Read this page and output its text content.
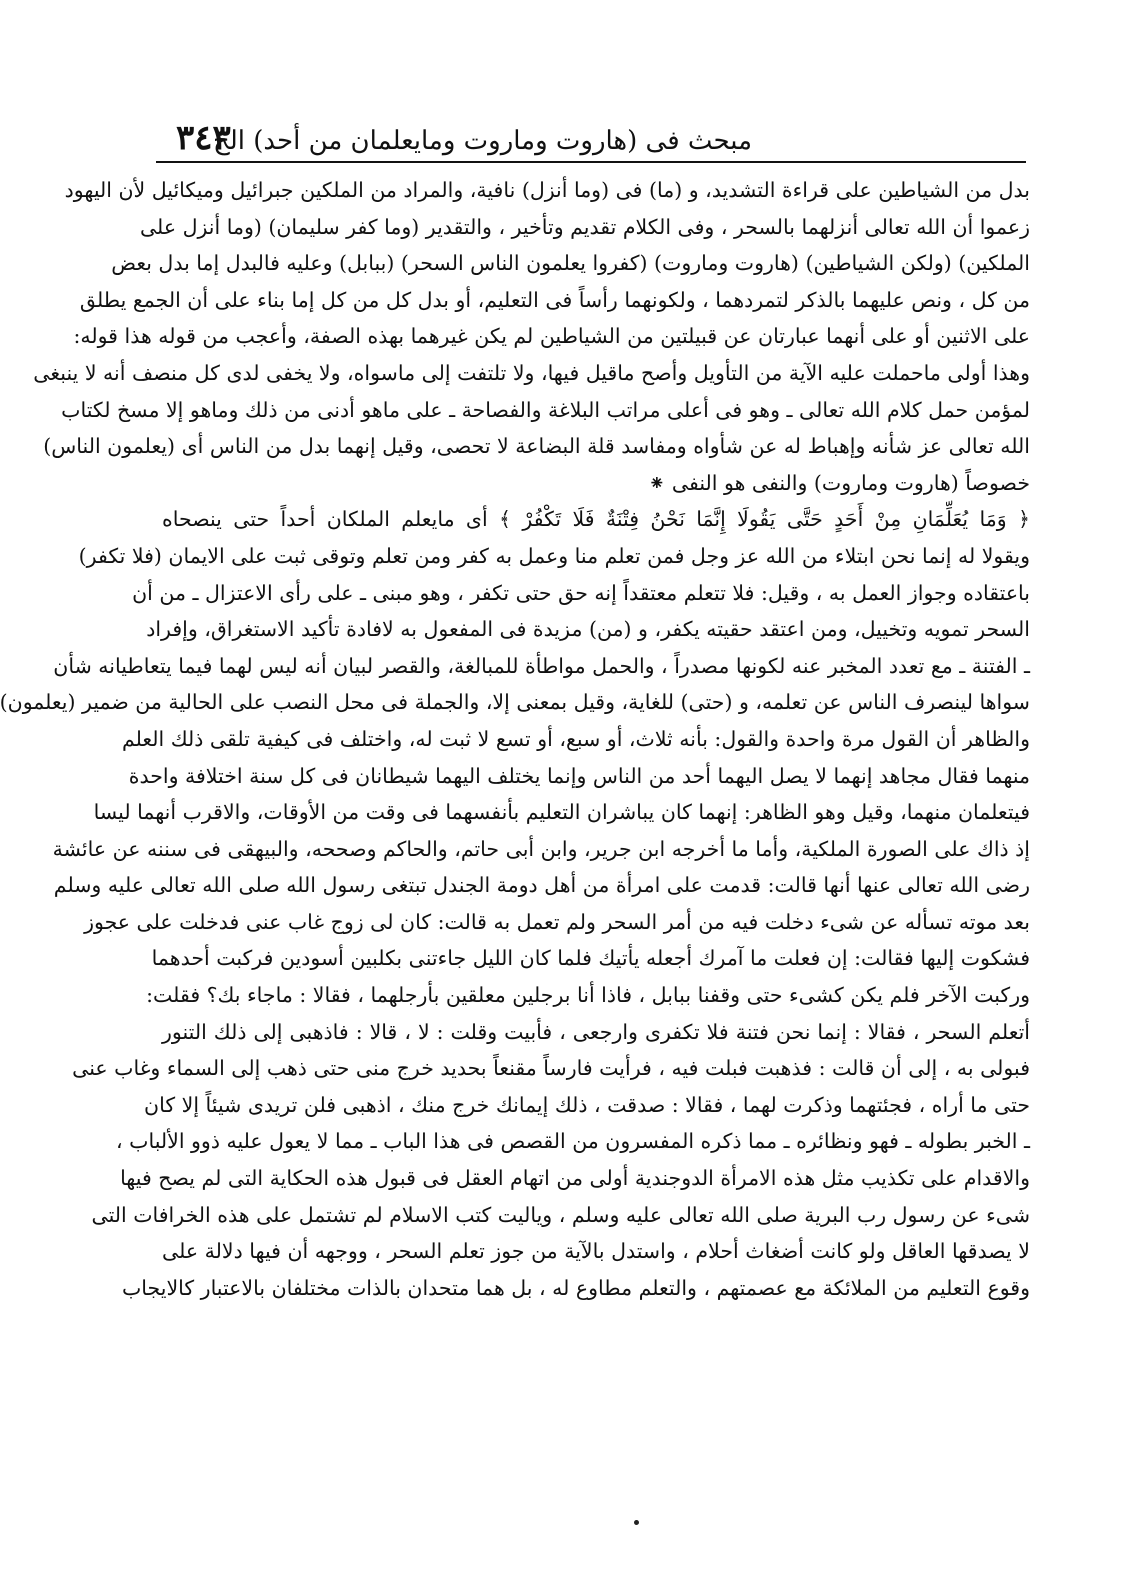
٣٤٣
مبحث فى (هاروت وماروت ومايعلمان من أحد) الخ
بدل من الشياطين على قراءة التشديد، و (ما) فى (وما أنزل) نافية، والمراد من الملكين جبرائيل وميكائيل لأن اليهود
زعموا أن الله تعالى أنزلهما بالسحر ، وفى الكلام تقديم وتأخير ، والتقدير (وما كفر سليمان) (وما أنزل على
الملكين) (ولكن الشياطين) (هاروت وماروت) (كفروا يعلمون الناس السحر) (ببابل) وعليه فالبدل إما بدل بعض
من كل ، ونص عليهما بالذكر لتمردهما ، ولكونهما رأساً فى التعليم، أو بدل كل من كل إما بناء على أن الجمع يطلق
على الاثنين أو على أنهما عبارتان عن قبيلتين من الشياطين لم يكن غيرهما بهذه الصفة، وأعجب من قوله هذا قوله:
وهذا أولى ماحملت عليه الآية من التأويل وأصح ماقيل فيها، ولا تلتفت إلى ماسواه، ولا يخفى لدى كل منصف أنه لا ينبغى
لمؤمن حمل كلام الله تعالى ـ وهو فى أعلى مراتب البلاغة والفصاحة ـ على ماهو أدنى من ذلك وماهو إلا مسخ لكتاب
الله تعالى عز شأنه وإهباط له عن شأواه ومفاسد قلة البضاعة لا تحصى، وقيل إنهما بدل من الناس أى (يعلمون الناس)
خصوصاً (هاروت وماروت) والنفى هو النفى ⁕
﴿ وَمَا يُعَلِّمَانِ مِنْ أَحَدٍ حَتَّى يَقُولَا إِنَّمَا نَحْنُ فِتْنَةٌ فَلَا تَكْفُرْ ﴾ أى مايعلم الملكان أحداً حتى ينصحاه
ويقولا له إنما نحن ابتلاء من الله عز وجل فمن تعلم منا وعمل به كفر ومن تعلم وتوقى ثبت على الايمان (فلا تكفر)
باعتقاده وجواز العمل به ، وقيل: فلا تتعلم معتقداً إنه حق حتى تكفر ، وهو مبنى ـ على رأى الاعتزال ـ من أن
السحر تمويه وتخييل، ومن اعتقد حقيته يكفر، و (من) مزيدة فى المفعول به لافادة تأكيد الاستغراق، وإفراد
ـ الفتنة ـ مع تعدد المخبر عنه لكونها مصدراً ، والحمل مواطأة للمبالغة، والقصر لبيان أنه ليس لهما فيما يتعاطيانه شأن
سواها لينصرف الناس عن تعلمه، و (حتى) للغاية، وقيل بمعنى إلا، والجملة فى محل النصب على الحالية من ضمير (يعلمون)
والظاهر أن القول مرة واحدة والقول: بأنه ثلاث، أو سبع، أو تسع لا ثبت له، واختلف فى كيفية تلقى ذلك العلم
منهما فقال مجاهد إنهما لا يصل اليهما أحد من الناس وإنما يختلف اليهما شيطانان فى كل سنة اختلافة واحدة
فيتعلمان منهما، وقيل وهو الظاهر: إنهما كان يباشران التعليم بأنفسهما فى وقت من الأوقات، والاقرب أنهما ليسا
إذ ذاك على الصورة الملكية، وأما ما أخرجه ابن جرير، وابن أبى حاتم، والحاكم وصححه، والبيهقى فى سننه عن عائشة
رضى الله تعالى عنها أنها قالت: قدمت على امرأة من أهل دومة الجندل تبتغى رسول الله صلى الله تعالى عليه وسلم
بعد موته تسأله عن شىء دخلت فيه من أمر السحر ولم تعمل به قالت: كان لى زوج غاب عنى فدخلت على عجوز
فشكوت إليها فقالت: إن فعلت ما آمرك أجعله يأتيك فلما كان الليل جاءتنى بكلبين أسودين فركبت أحدهما
وركبت الآخر فلم يكن كشىء حتى وقفنا ببابل ، فاذا أنا برجلين معلقين بأرجلهما ، فقالا : ماجاء بك؟ فقلت:
أتعلم السحر ، فقالا : إنما نحن فتنة فلا تكفرى وارجعى ، فأبيت وقلت : لا ، قالا : فاذهبى إلى ذلك التنور
فبولى به ، إلى أن قالت : فذهبت فبلت فيه ، فرأيت فارساً مقنعاً بحديد خرج منى حتى ذهب إلى السماء وغاب عنى
حتى ما أراه ، فجئتهما وذكرت لهما ، فقالا : صدقت ، ذلك إيمانك خرج منك ، اذهبى فلن تريدى شيئاً إلا كان
ـ الخبر بطوله ـ فهو ونظائره ـ مما ذكره المفسرون من القصص فى هذا الباب ـ مما لا يعول عليه ذوو الألباب ،
والاقدام على تكذيب مثل هذه الامرأة الدوجندية أولى من اتهام العقل فى قبول هذه الحكاية التى لم يصح فيها
شىء عن رسول رب البرية صلى الله تعالى عليه وسلم ، وياليت كتب الاسلام لم تشتمل على هذه الخرافات التى
لا يصدقها العاقل ولو كانت أضغاث أحلام ، واستدل بالآية من جوز تعلم السحر ، ووجهه أن فيها دلالة على
وقوع التعليم من الملائكة مع عصمتهم ، والتعلم مطاوع له ، بل هما متحدان بالذات مختلفان بالاعتبار كالايجاب
